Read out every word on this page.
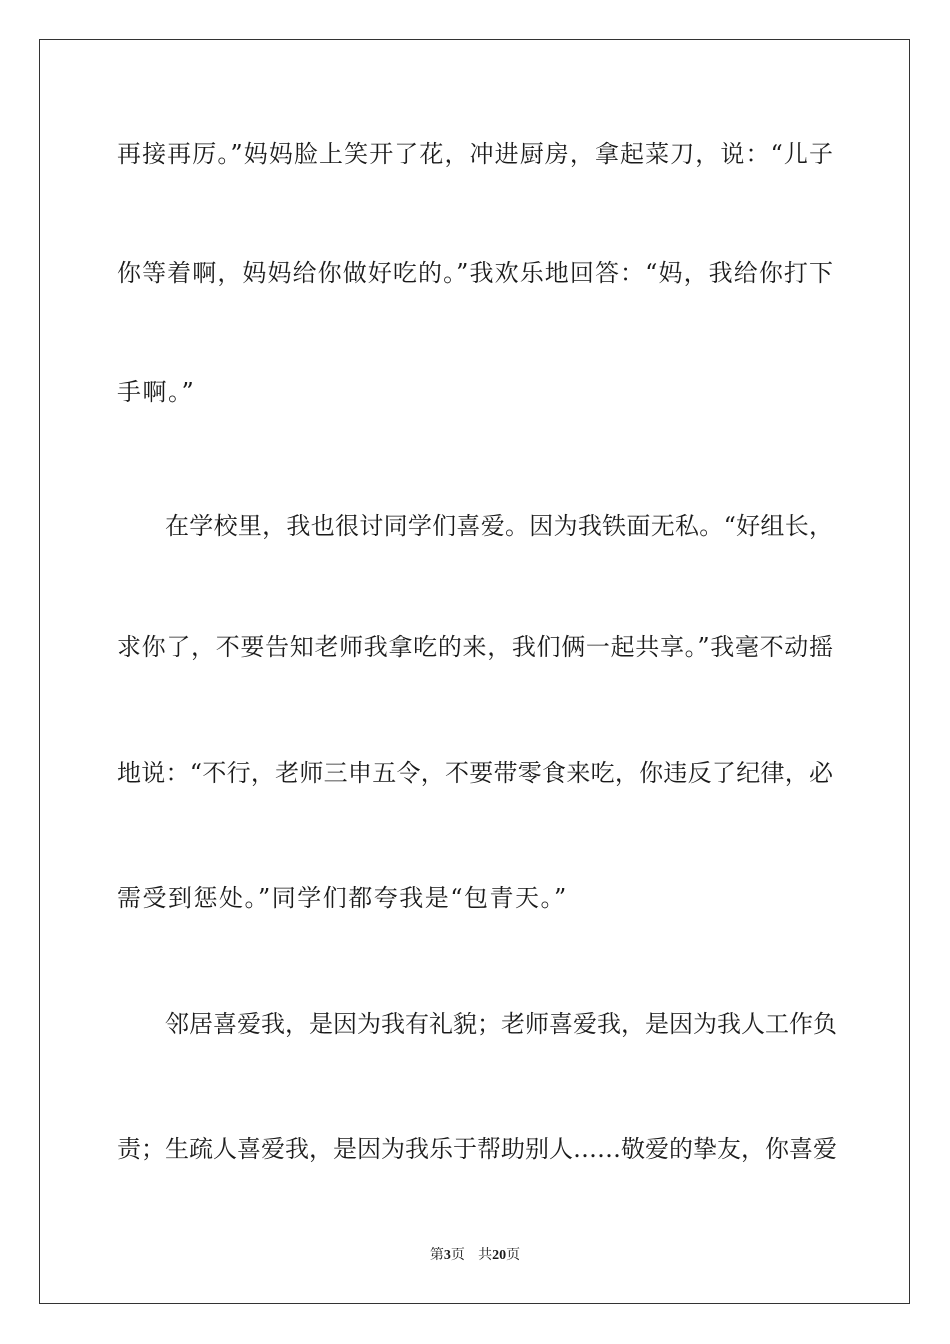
再接再厉。”妈妈脸上笑开了花，冲进厨房，拿起菜刀，说：“儿子
你等着啊，妈妈给你做好吃的。”我欢乐地回答：“妈，我给你打下
手啊。”
在学校里，我也很讨同学们喜爱。因为我铁面无私。“好组长，
求你了，不要告知老师我拿吃的来，我们俩一起共享。”我毫不动摇
地说：“不行，老师三申五令，不要带零食来吃，你违反了纪律，必
需受到惩处。”同学们都夸我是“包青天。”
邻居喜爱我，是因为我有礼貌；老师喜爱我，是因为我人工作负
责；生疏人喜爱我，是因为我乐于帮助别人……敬爱的挚友，你喜爱
第3页 共20页
